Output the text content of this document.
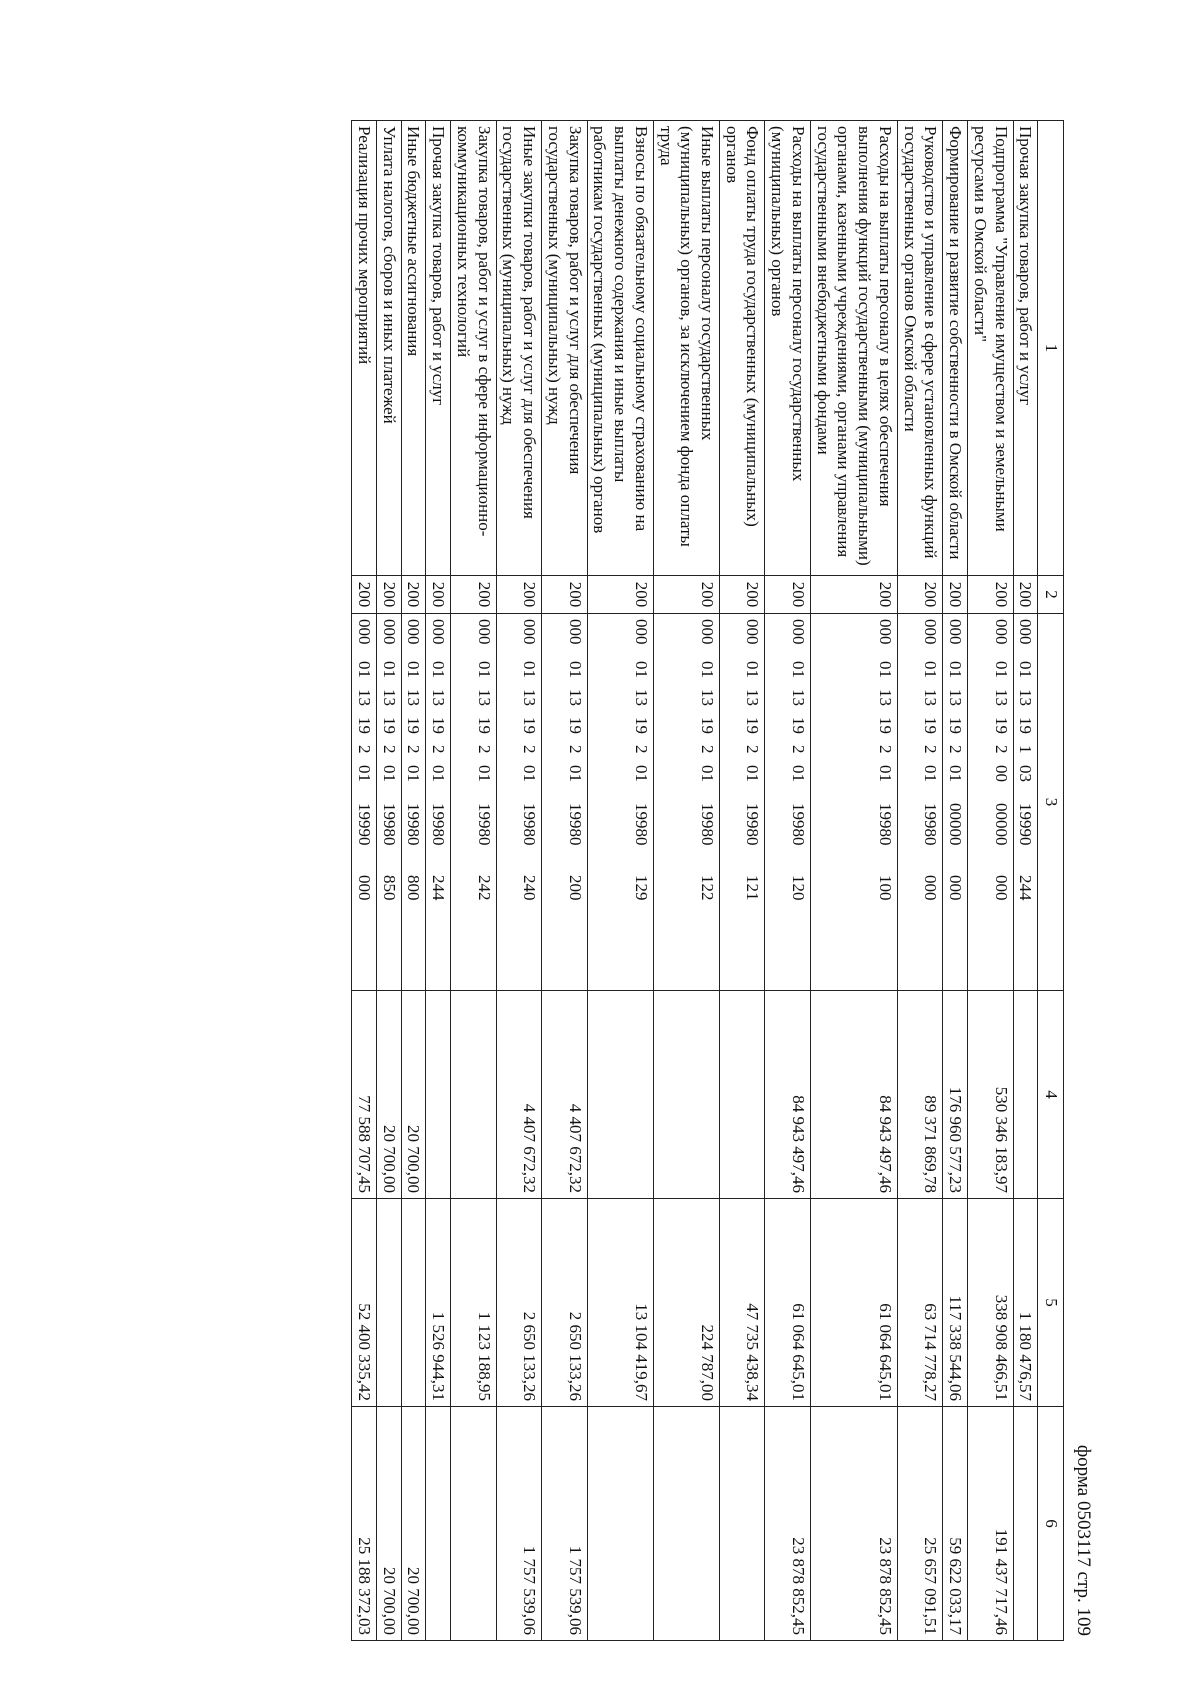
форма 0503117 стр. 109
1	2	3	4	5	6
Прочая закупка товаров, работ и услуг	200	00001131910319990244		1 180 476,57	
Подпрограмма "Управление имуществом и земельными ресурсами в Омской области"	200	00001131920000000000	530 346 183,97	338 908 466,51	191 437 717,46
Формирование и развитие собственности в Омской области	200	00001131920100000000	176 960 577,23	117 338 544,06	59 622 033,17
Руководство и управление в сфере установленных функций государственных органов Омской области	200	00001131920119980000	89 371 869,78	63 714 778,27	25 657 091,51
Расходы на выплаты персоналу в целях обеспечения выполнения функций государственными (муниципальными) органами, казенными учреждениями, органами управления государственными внебюджетными фондами	200	00001131920119980100	84 943 497,46	61 064 645,01	23 878 852,45
Расходы на выплаты персоналу государственных (муниципальных) органов	200	00001131920119980120	84 943 497,46	61 064 645,01	23 878 852,45
Фонд оплаты труда государственных (муниципальных) органов	200	00001131920119980121		47 735 438,34	
Иные выплаты персоналу государственных (муниципальных) органов, за исключением фонда оплаты труда	200	00001131920119980122		224 787,00	
Взносы по обязательному социальному страхованию на выплаты денежного содержания и иные выплаты работникам государственных (муниципальных) органов	200	00001131920119980129		13 104 419,67	
Закупка товаров, работ и услуг для обеспечения государственных (муниципальных) нужд	200	00001131920119980200	4 407 672,32	2 650 133,26	1 757 539,06
Иные закупки товаров, работ и услуг для обеспечения государственных (муниципальных) нужд	200	00001131920119980240	4 407 672,32	2 650 133,26	1 757 539,06
Закупка товаров, работ и услуг в сфере информационно-коммуникационных технологий	200	00001131920119980242		1 123 188,95	
Прочая закупка товаров, работ и услуг	200	00001131920119980244		1 526 944,31	
Иные бюджетные ассигнования	200	00001131920119980800	20 700,00		20 700,00
Уплата налогов, сборов и иных платежей	200	00001131920119980850	20 700,00		20 700,00
Реализация прочих мероприятий	200	00001131920119990000	77 588 707,45	52 400 335,42	25 188 372,03
